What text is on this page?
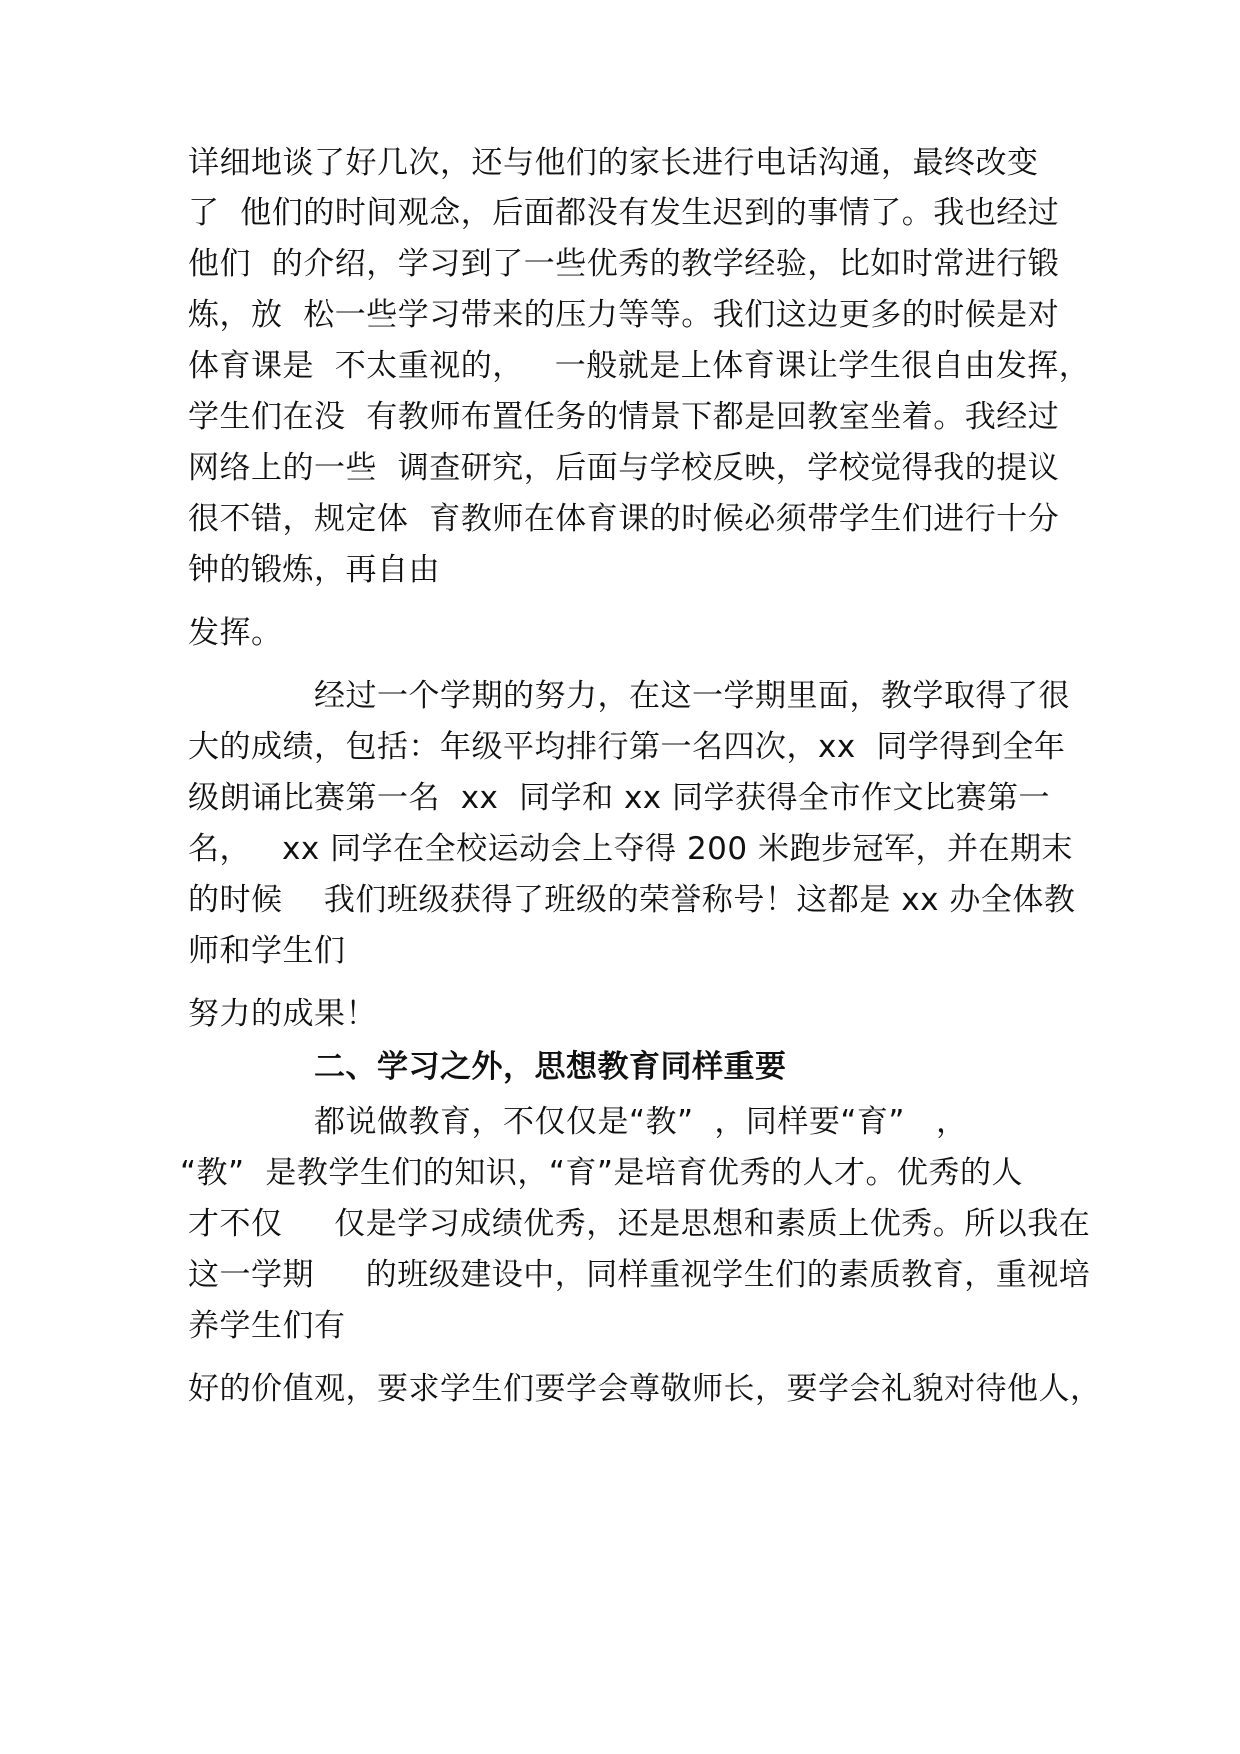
详细地谈了好几次，还与他们的家长进行电话沟通，最终改变
了  他们的时间观念，后面都没有发生迟到的事情了。我也经过
他们  的介绍，学习到了一些优秀的教学经验，比如时常进行锻
炼，放  松一些学习带来的压力等等。我们这边更多的时候是对
体育课是  不太重视的，   一般就是上体育课让学生很自由发挥，
学生们在没  有教师布置任务的情景下都是回教室坐着。我经过
网络上的一些  调查研究，后面与学校反映，学校觉得我的提议
很不错，规定体  育教师在体育课的时候必须带学生们进行十分
钟的锻炼，再自由
发挥。
经过一个学期的努力，在这一学期里面，教学取得了很
大的成绩，包括：年级平均排行第一名四次，xx  同学得到全年
级朗诵比赛第一名  xx  同学和 xx 同学获得全市作文比赛第一
名，   xx 同学在全校运动会上夺得 200 米跑步冠军，并在期末
的时候    我们班级获得了班级的荣誉称号！这都是 xx 办全体教
师和学生们
努力的成果！
二、学习之外，思想教育同样重要
都说做教育，不仅仅是“教”  ，同样要“育”   ，
“教”  是教学生们的知识，“育”是培育优秀的人才。优秀的人
才不仅     仅是学习成绩优秀，还是思想和素质上优秀。所以我在
这一学期     的班级建设中，同样重视学生们的素质教育，重视培
养学生们有
好的价值观，要求学生们要学会尊敬师长，要学会礼貌对待他人，
